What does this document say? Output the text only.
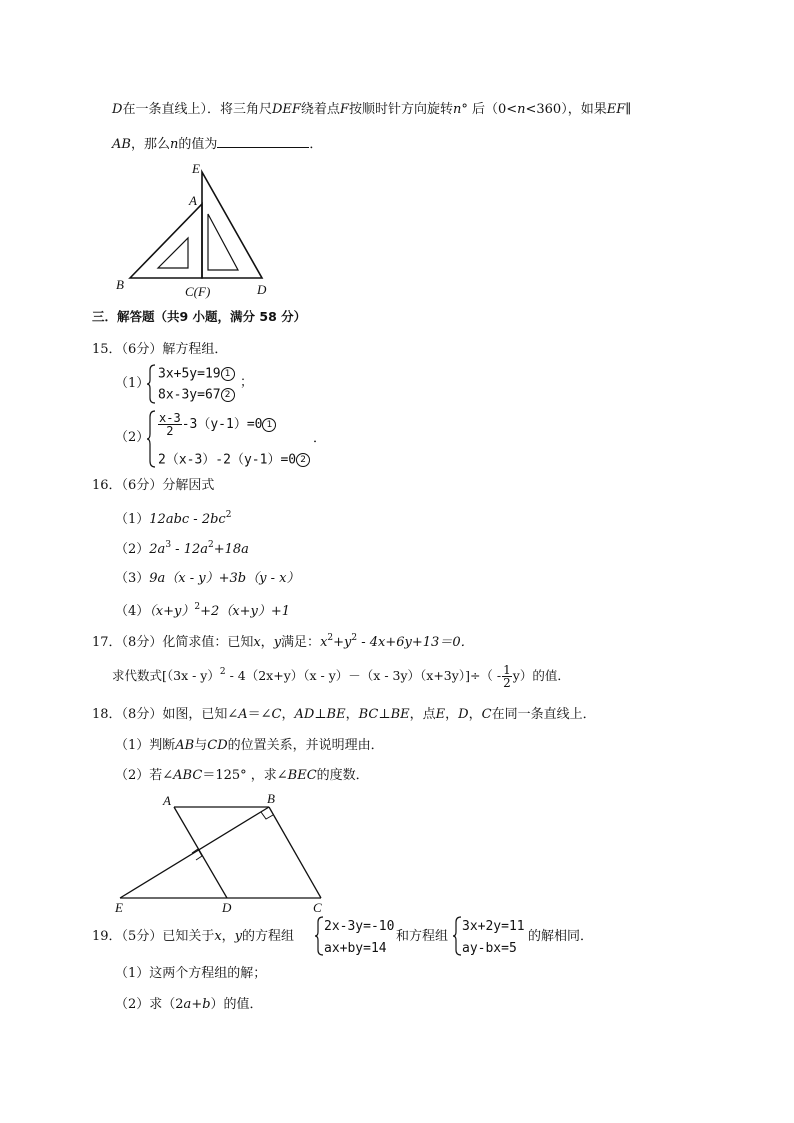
D在一条直线上）．将三角尺DEF绕着点F按顺时针方向旋转n° 后（0<n<360），如果EF∥
AB，那么n的值为	．
E
A
B	C(F)	D
三．解答题（共9 小题，满分 58 分）
15．（6分）解方程组．
（1）
3x+5y=19 1
8x-3y=67 2
；
（2）
$\frac{x-3}{2} -3(y-1)=0$ 1
2（x-3）-2（y-1）=0 2
．
16．（6分）分解因式
$(1)12abc - 2bc^2$
$(2)2a^3 - 12a^2+18a$
（3）9a（x - y）+3b（y - x）
$(4)(x+y)^2+2(x+y)+1$
17．（8分）化简求值：已知x，y满足：$x^2+y^2 - 4x+6y+13=0$．
求代数式$[(3x - y)^2 - 4(2x+y)(x - y)-(x - 3y)(x+3y)]\div( - \frac{1}{2} y)$的值．
18．（8分）如图，已知∠A＝∠C，AD⊥BE，BC⊥BE，点E，D，C在同一条直线上．
（1）判断AB与CD的位置关系，并说明理由．
（2）若∠ABC＝125° ，求∠BEC的度数．
A	B
E	D	C
19．（5分）已知关于x，y的方程组
2x-3y=-10
ax+by=14
和方程组
3x+2y=11
ay-bx=5
的解相同．
（1）这两个方程组的解；
（2）求（2a+b）的值．
